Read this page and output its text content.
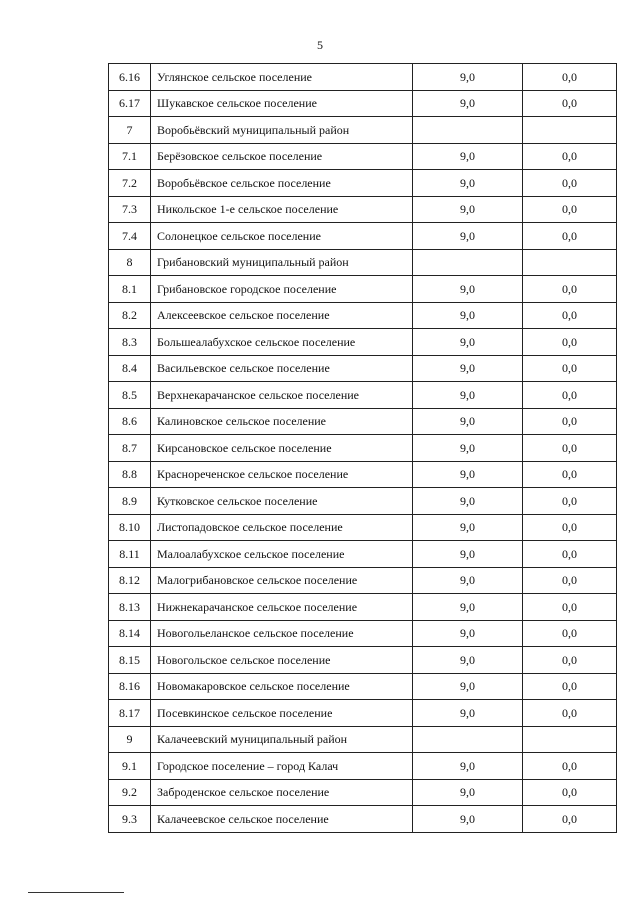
5
6.16	Углянское сельское поселение	9,0	0,0
6.17	Шукавское сельское поселение	9,0	0,0
7	Воробьёвский муниципальный район		
7.1	Берёзовское сельское поселение	9,0	0,0
7.2	Воробьёвское сельское поселение	9,0	0,0
7.3	Никольское 1-е сельское поселение	9,0	0,0
7.4	Солонецкое сельское поселение	9,0	0,0
8	Грибановский муниципальный район		
8.1	Грибановское городское поселение	9,0	0,0
8.2	Алексеевское сельское поселение	9,0	0,0
8.3	Большеалабухское сельское поселение	9,0	0,0
8.4	Васильевское сельское поселение	9,0	0,0
8.5	Верхнекарачанское сельское поселение	9,0	0,0
8.6	Калиновское сельское поселение	9,0	0,0
8.7	Кирсановское сельское поселение	9,0	0,0
8.8	Краснореченское сельское поселение	9,0	0,0
8.9	Кутковское сельское поселение	9,0	0,0
8.10	Листопадовское сельское поселение	9,0	0,0
8.11	Малоалабухское сельское поселение	9,0	0,0
8.12	Малогрибановское сельское поселение	9,0	0,0
8.13	Нижнекарачанское сельское поселение	9,0	0,0
8.14	Новогольеланское сельское поселение	9,0	0,0
8.15	Новогольское сельское поселение	9,0	0,0
8.16	Новомакаровское сельское поселение	9,0	0,0
8.17	Посевкинское сельское поселение	9,0	0,0
9	Калачеевский муниципальный район		
9.1	Городское поселение – город Калач	9,0	0,0
9.2	Заброденское сельское поселение	9,0	0,0
9.3	Калачеевское сельское поселение	9,0	0,0
